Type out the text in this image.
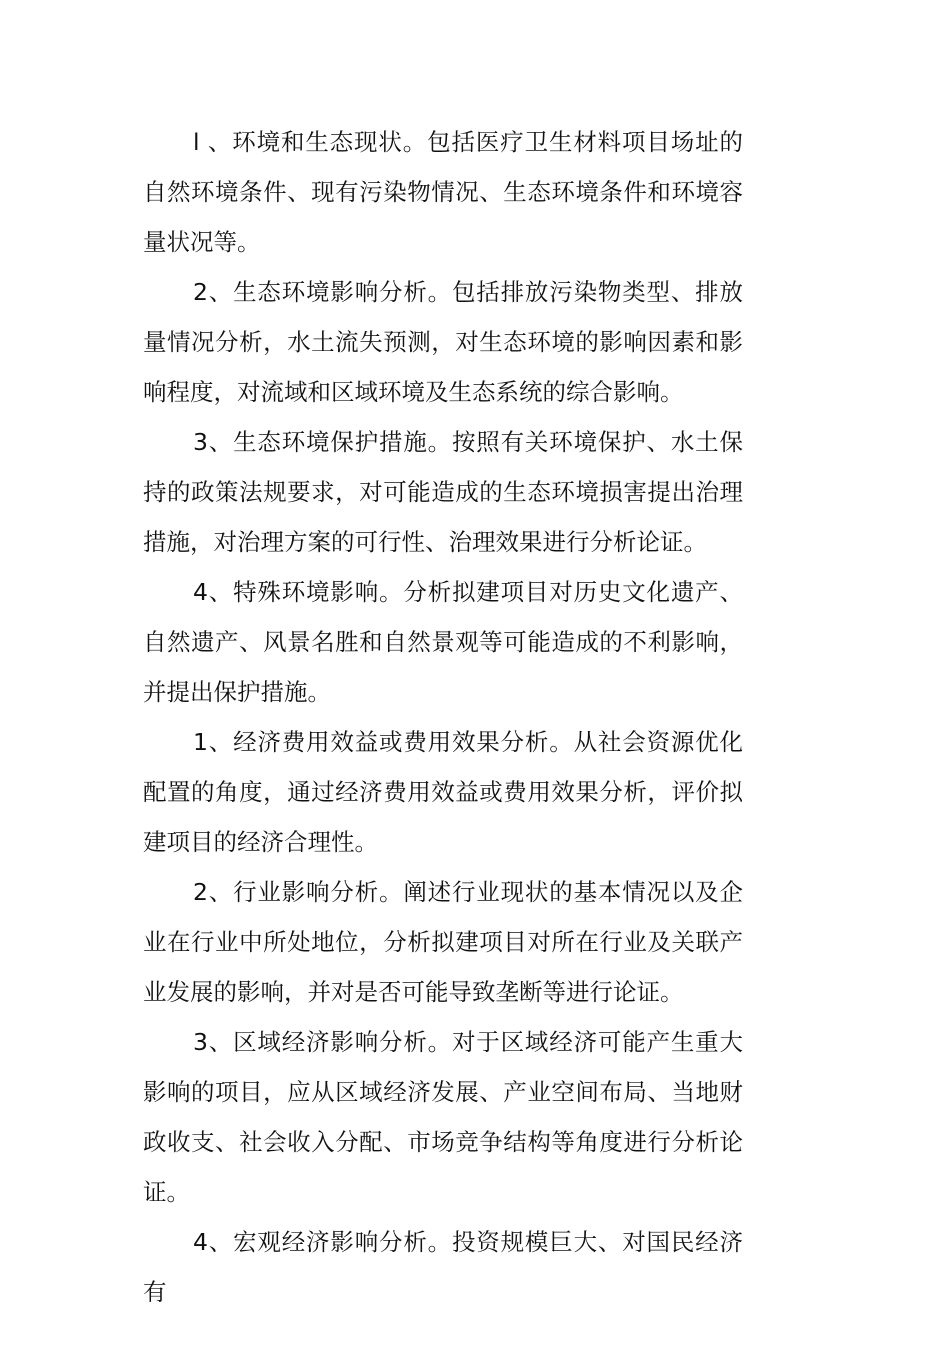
l 、环境和生态现状。包括医疗卫生材料项目场址的自然环境条件、现有污染物情况、生态环境条件和环境容量状况等。

2、生态环境影响分析。包括排放污染物类型、排放量情况分析，水土流失预测，对生态环境的影响因素和影响程度，对流域和区域环境及生态系统的综合影响。

3、生态环境保护措施。按照有关环境保护、水土保持的政策法规要求，对可能造成的生态环境损害提出治理措施，对治理方案的可行性、治理效果进行分析论证。

4、特殊环境影响。分析拟建项目对历史文化遗产、自然遗产、风景名胜和自然景观等可能造成的不利影响，并提出保护措施。

1、经济费用效益或费用效果分析。从社会资源优化配置的角度，通过经济费用效益或费用效果分析，评价拟建项目的经济合理性。

2、行业影响分析。阐述行业现状的基本情况以及企业在行业中所处地位，分析拟建项目对所在行业及关联产业发展的影响，并对是否可能导致垄断等进行论证。

3、区域经济影响分析。对于区域经济可能产生重大影响的项目，应从区域经济发展、产业空间布局、当地财政收支、社会收入分配、市场竞争结构等角度进行分析论证。

4、宏观经济影响分析。投资规模巨大、对国民经济有
